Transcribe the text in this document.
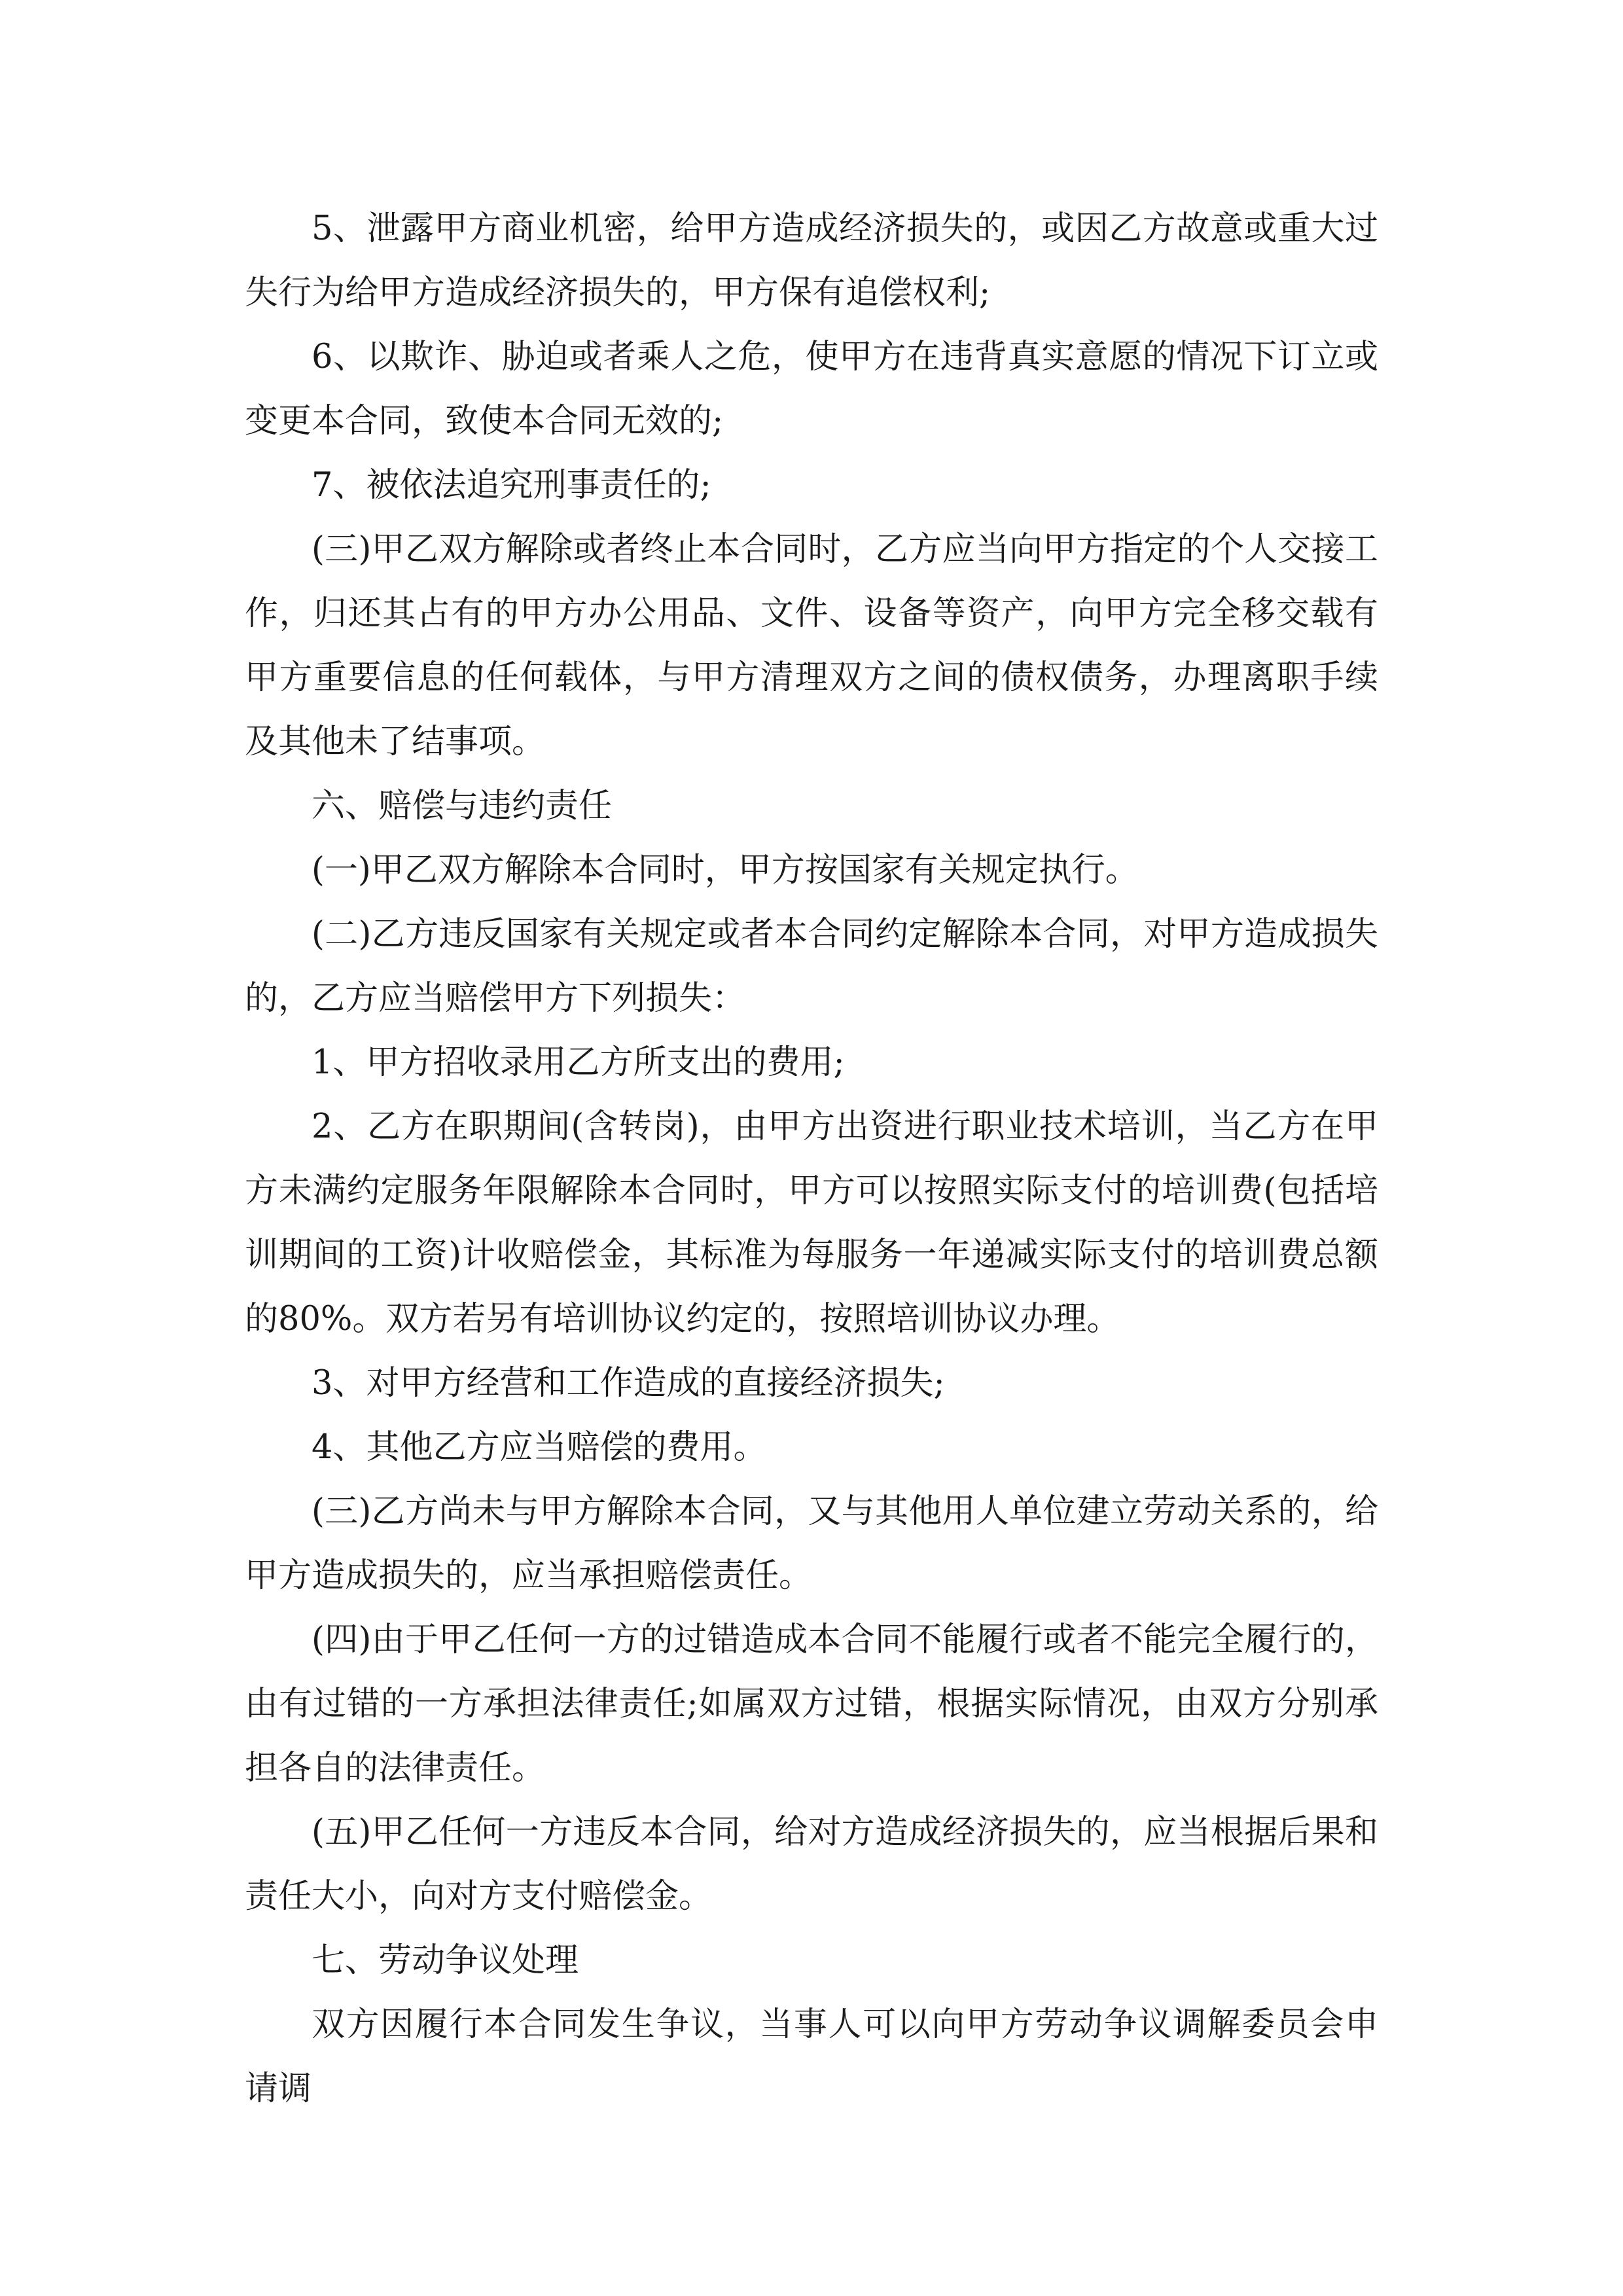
5、泄露甲方商业机密，给甲方造成经济损失的，或因乙方故意或重大过失行为给甲方造成经济损失的，甲方保有追偿权利;

6、以欺诈、胁迫或者乘人之危，使甲方在违背真实意愿的情况下订立或变更本合同，致使本合同无效的;

7、被依法追究刑事责任的;

(三)甲乙双方解除或者终止本合同时，乙方应当向甲方指定的个人交接工作，归还其占有的甲方办公用品、文件、设备等资产，向甲方完全移交载有甲方重要信息的任何载体，与甲方清理双方之间的债权债务，办理离职手续及其他未了结事项。

六、赔偿与违约责任

(一)甲乙双方解除本合同时，甲方按国家有关规定执行。

(二)乙方违反国家有关规定或者本合同约定解除本合同，对甲方造成损失的，乙方应当赔偿甲方下列损失：

1、甲方招收录用乙方所支出的费用;

2、乙方在职期间(含转岗)，由甲方出资进行职业技术培训，当乙方在甲方未满约定服务年限解除本合同时，甲方可以按照实际支付的培训费(包括培训期间的工资)计收赔偿金，其标准为每服务一年递减实际支付的培训费总额的80%。双方若另有培训协议约定的，按照培训协议办理。

3、对甲方经营和工作造成的直接经济损失;

4、其他乙方应当赔偿的费用。

(三)乙方尚未与甲方解除本合同，又与其他用人单位建立劳动关系的，给甲方造成损失的，应当承担赔偿责任。

(四)由于甲乙任何一方的过错造成本合同不能履行或者不能完全履行的，由有过错的一方承担法律责任;如属双方过错，根据实际情况，由双方分别承担各自的法律责任。

(五)甲乙任何一方违反本合同，给对方造成经济损失的，应当根据后果和责任大小，向对方支付赔偿金。

七、劳动争议处理

双方因履行本合同发生争议，当事人可以向甲方劳动争议调解委员会申请调
